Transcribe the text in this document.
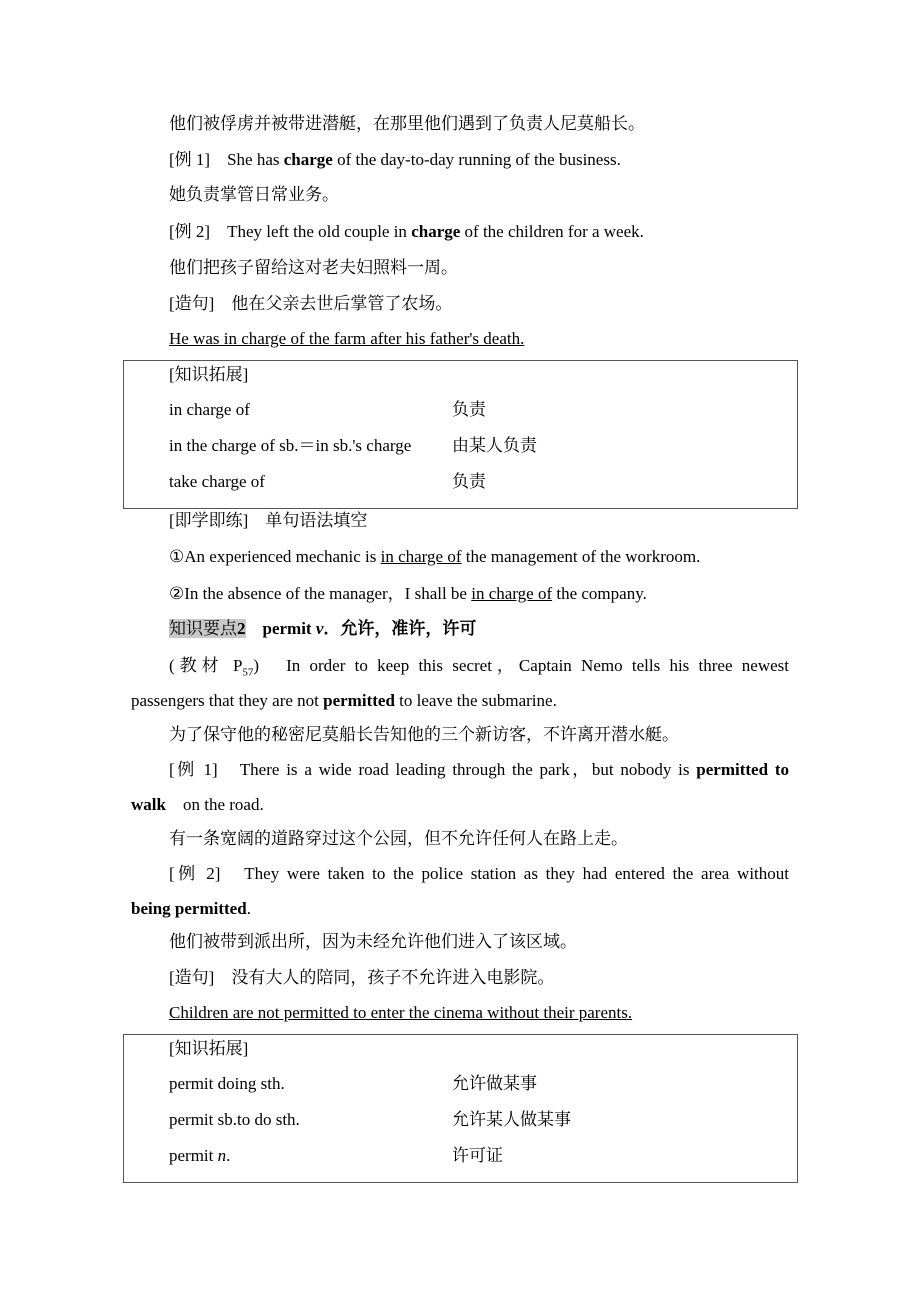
他们被俘虏并被带进潜艇，在那里他们遇到了负责人尼莫船长。
[例 1]　She has charge of the day-to-day running of the business.
她负责掌管日常业务。
[例 2]　They left the old couple in charge of the children for a week.
他们把孩子留给这对老夫妇照料一周。
[造句]　他在父亲去世后掌管了农场。
He was in charge of the farm after his father's death.
[即学即练]　单句语法填空
①An experienced mechanic is in charge of the management of the workroom.
②In the absence of the manager，I shall be in charge of the company.
知识要点2　 permit v．允许，准许，许可
(教材 $P_{57}$)　In order to keep this secret，Captain Nemo tells his three newest
passengers that they are not permitted to leave the submarine.
为了保守他的秘密尼莫船长告知他的三个新访客，不许离开潜水艇。
[例 1]　There is a wide road leading through the park，but nobody is permitted to
walk　on the road.
有一条宽阔的道路穿过这个公园，但不允许任何人在路上走。
[例 2]　They were taken to the police station as they had entered the area without
being permitted.
他们被带到派出所，因为未经允许他们进入了该区域。
[造句]　没有大人的陪同，孩子不允许进入电影院。
Children are not permitted to enter the cinema without their parents.
[知识拓展]
in charge of	负责
in the charge of sb.＝in sb.'s charge 由某人负责
take charge of	负责
[知识拓展]
permit doing sth.	允许做某事
permit sb.to do sth.	允许某人做某事
permit n.	许可证
